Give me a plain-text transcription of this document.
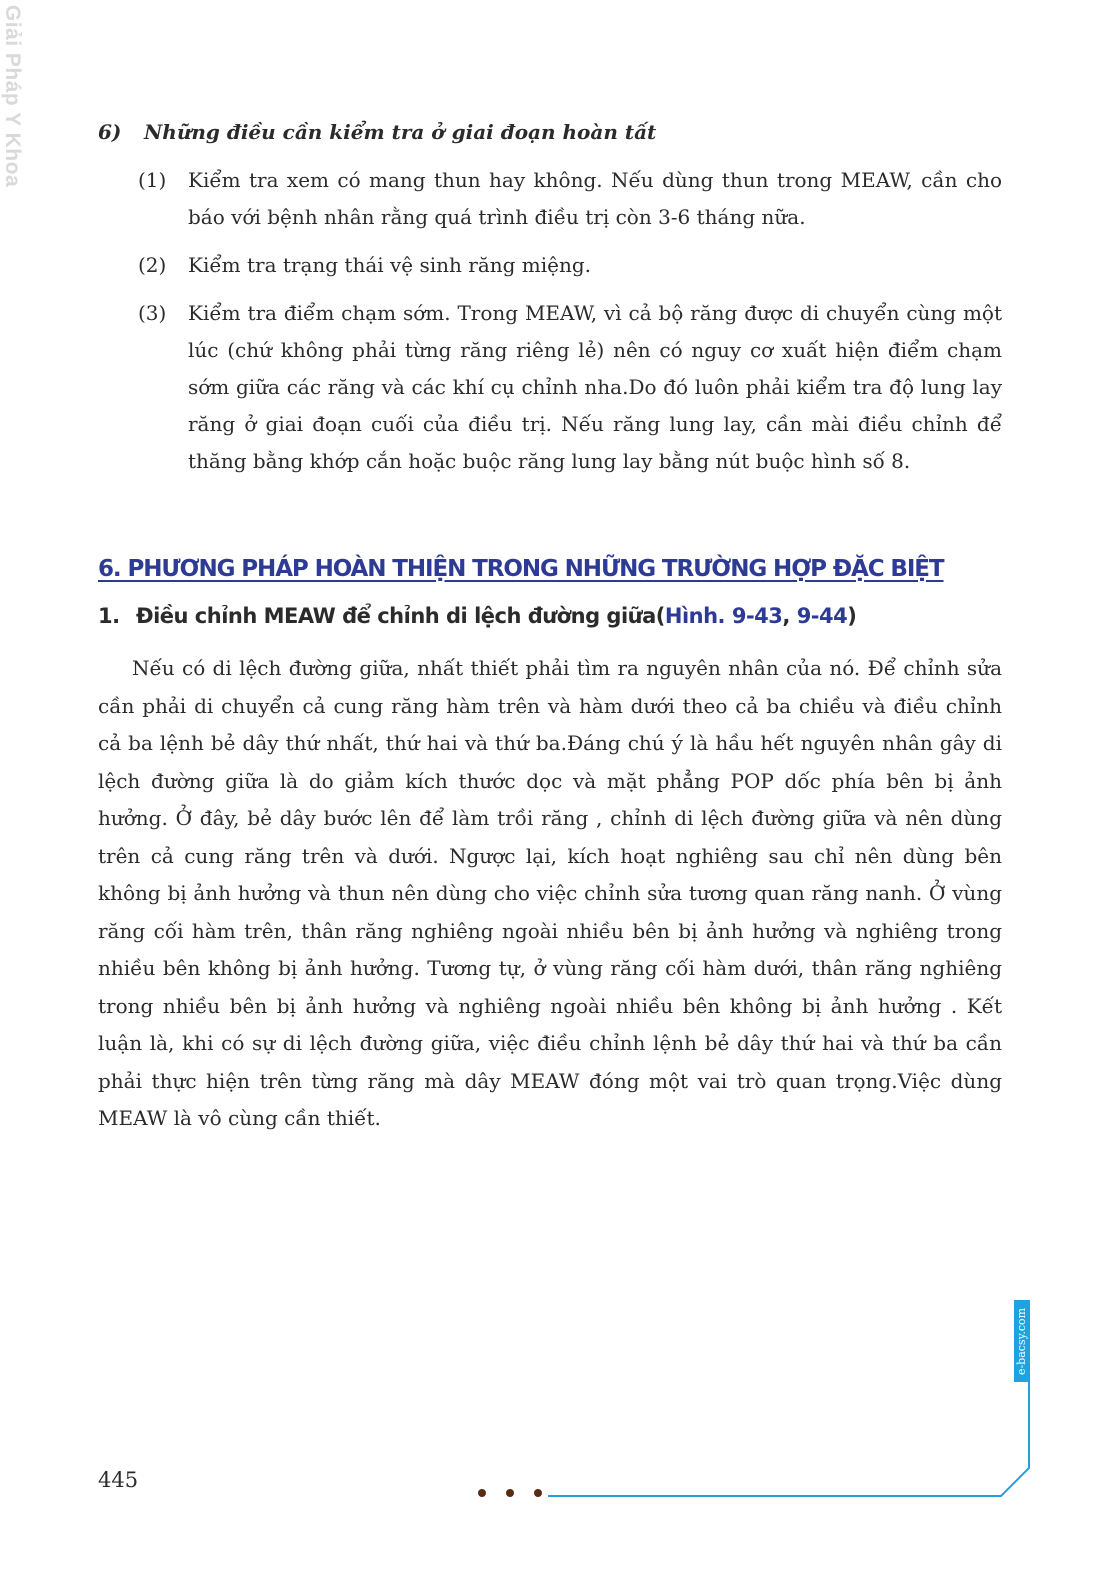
Giải Pháp Y Khoa	6) Những điều cần kiểm tra ở giai đoạn hoàn tất
(1)	Kiểm tra xem có mang thun hay không. Nếu dùng thun trong MEAW, cần cho báo với bệnh nhân rằng quá trình điều trị còn 3-6 tháng nữa.
(2)	Kiểm tra trạng thái vệ sinh răng miệng.
(3)	Kiểm tra điểm chạm sớm. Trong MEAW, vì cả bộ răng được di chuyển cùng một lúc (chứ không phải từng răng riêng lẻ) nên có nguy cơ xuất hiện điểm chạm sớm giữa các răng và các khí cụ chỉnh nha.Do đó luôn phải kiểm tra độ lung lay răng ở giai đoạn cuối của điều trị. Nếu răng lung lay, cần mài điều chỉnh để thăng bằng khớp cắn hoặc buộc răng lung lay bằng nút buộc hình số 8.
6. PHƯƠNG PHÁP HOÀN THIỆN TRONG NHỮNG TRƯỜNG HỢP ĐẶC BIỆT
1. Điều chỉnh MEAW để chỉnh di lệch đường giữa(Hình. 9-43, 9-44)

Nếu có di lệch đường giữa, nhất thiết phải tìm ra nguyên nhân của nó. Để chỉnh sửa cần phải di chuyển cả cung răng hàm trên và hàm dưới theo cả ba chiều và điều chỉnh cả ba lệnh bẻ dây thứ nhất, thứ hai và thứ ba.Đáng chú ý là hầu hết nguyên nhân gây di lệch đường giữa là do giảm kích thước dọc và mặt phẳng POP dốc phía bên bị ảnh hưởng. Ở đây, bẻ dây bước lên để làm trồi răng , chỉnh di lệch đường giữa và nên dùng trên cả cung răng trên và dưới. Ngược lại, kích hoạt nghiêng sau chỉ nên dùng bên không bị ảnh hưởng và thun nên dùng cho việc chỉnh sửa tương quan răng nanh. Ở vùng răng cối hàm trên, thân răng nghiêng ngoài nhiều bên bị ảnh hưởng và nghiêng trong nhiều bên không bị ảnh hưởng. Tương tự, ở vùng răng cối hàm dưới, thân răng nghiêng trong nhiều bên bị ảnh hưởng và nghiêng ngoài nhiều bên không bị ảnh hưởng . Kết luận là, khi có sự di lệch đường giữa, việc điều chỉnh lệnh bẻ dây thứ hai và thứ ba cần phải thực hiện trên từng răng mà dây MEAW đóng một vai trò quan trọng.Việc dùng MEAW là vô cùng cần thiết.

e-bacsy.com
445
